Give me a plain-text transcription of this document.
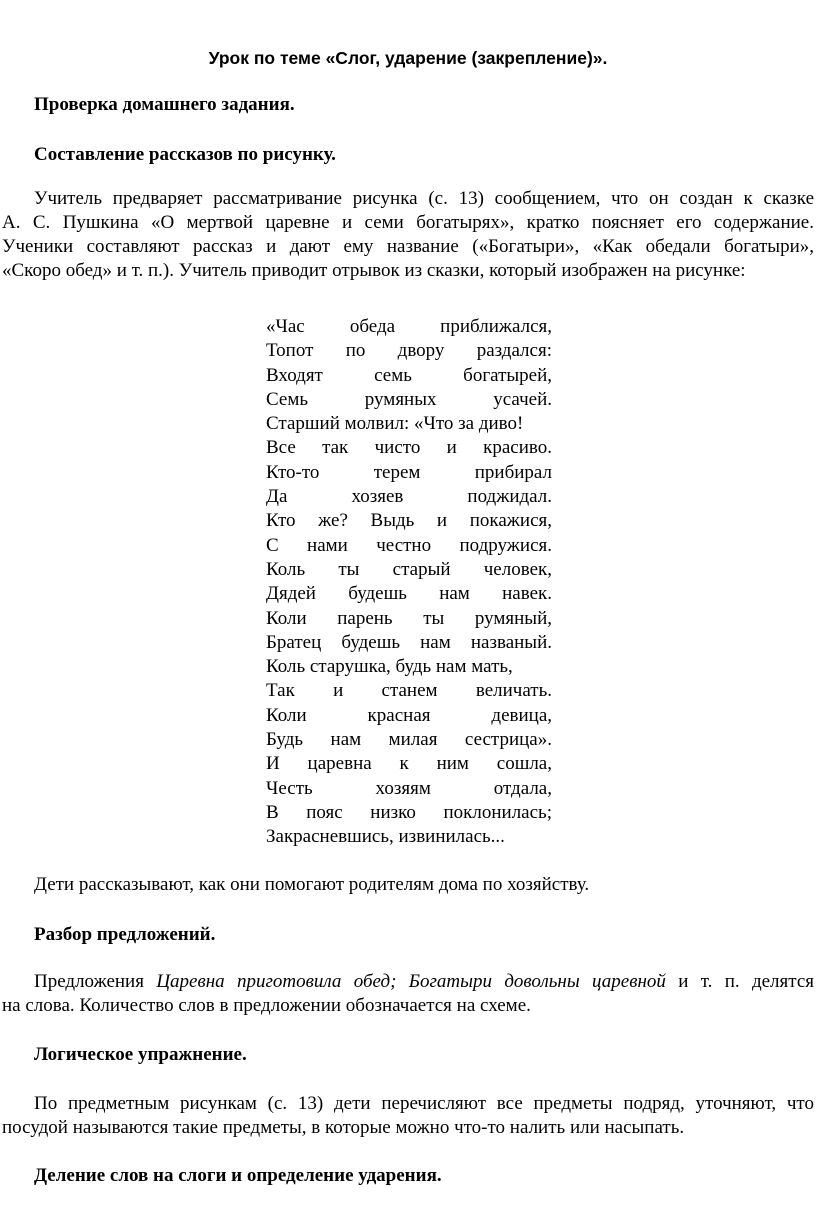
Урок по теме «Слог, ударение (закрепление)».
Проверка домашнего задания.
Составление рассказов по рисунку.
Учитель предваряет рассматривание рисунка (с. 13) сообщением, что он создан к сказке
А. С. Пушкина «О мертвой царевне и семи богатырях», кратко поясняет его содержание.
Ученики составляют рассказ и дают ему название («Богатыри», «Как обедали богатыри»,
«Скоро обед» и т. п.). Учитель приводит отрывок из сказки, который изображен на рисунке:
«Час обеда приближался,
Топот по двору раздался:
Входят семь богатырей,
Семь румяных усачей.
Старший молвил: «Что за диво!
Все так чисто и красиво.
Кто-то терем прибирал
Да хозяев поджидал.
Кто же? Выдь и покажися,
С нами честно подружися.
Коль ты старый человек,
Дядей будешь нам навек.
Коли парень ты румяный,
Братец будешь нам названый.
Коль старушка, будь нам мать,
Так и станем величать.
Коли красная девица,
Будь нам милая сестрица».
И царевна к ним сошла,
Честь хозяям отдала,
В пояс низко поклонилась;
Закрасневшись, извинилась...
Дети рассказывают, как они помогают родителям дома по хозяйству.
Разбор предложений.
Предложения Царевна приготовила обед; Богатыри довольны царевной и т. п. делятся
на слова. Количество слов в предложении обозначается на схеме.
Логическое упражнение.
По предметным рисункам (с. 13) дети перечисляют все предметы подряд, уточняют, что
посудой называются такие предметы, в которые можно что-то налить или насыпать.
Деление слов на слоги и определение ударения.
